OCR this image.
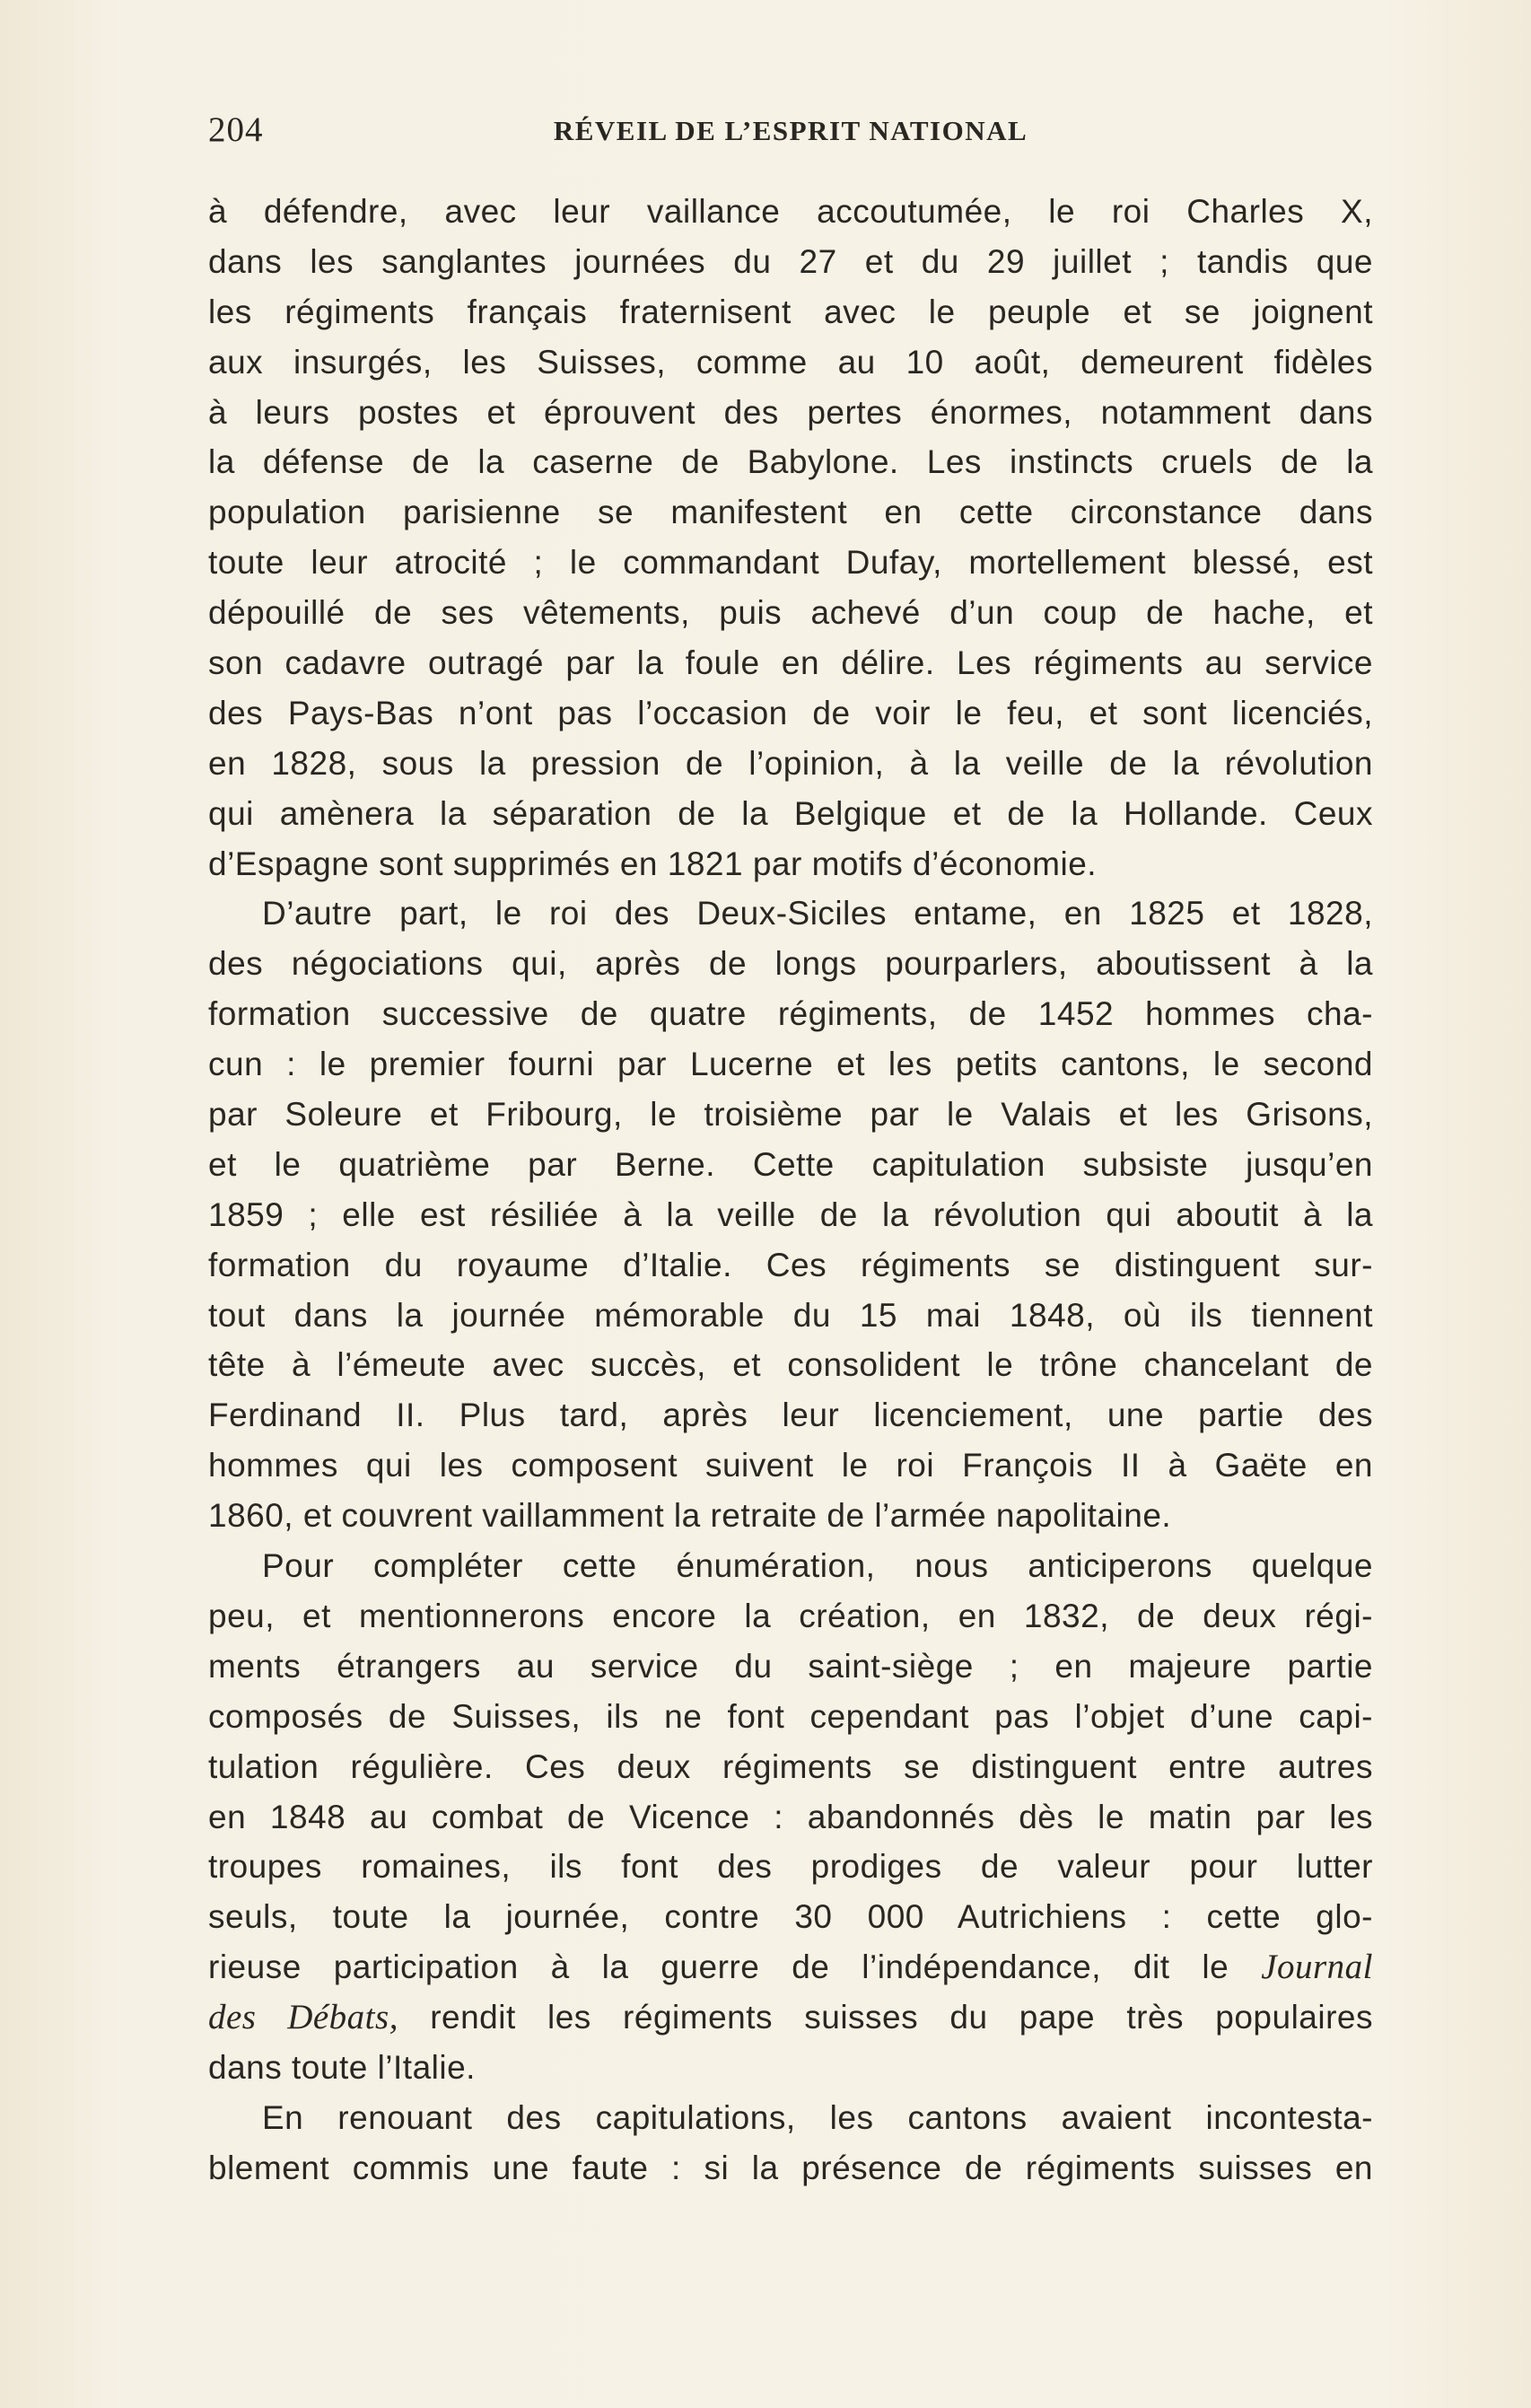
204	RÉVEIL DE L’ESPRIT NATIONAL
à défendre, avec leur vaillance accoutumée, le roi Charles X,
dans les sanglantes journées du 27 et du 29 juillet ; tandis que
les régiments français fraternisent avec le peuple et se joignent
aux insurgés, les Suisses, comme au 10 août, demeurent fidèles
à leurs postes et éprouvent des pertes énormes, notamment dans
la défense de la caserne de Babylone. Les instincts cruels de la
population parisienne se manifestent en cette circonstance dans
toute leur atrocité ; le commandant Dufay, mortellement blessé, est
dépouillé de ses vêtements, puis achevé d’un coup de hache, et
son cadavre outragé par la foule en délire. Les régiments au service
des Pays-Bas n’ont pas l’occasion de voir le feu, et sont licenciés,
en 1828, sous la pression de l’opinion, à la veille de la révolution
qui amènera la séparation de la Belgique et de la Hollande. Ceux
d’Espagne sont supprimés en 1821 par motifs d’économie.
D’autre part, le roi des Deux-Siciles entame, en 1825 et 1828,
des négociations qui, après de longs pourparlers, aboutissent à la
formation successive de quatre régiments, de 1452 hommes cha-
cun : le premier fourni par Lucerne et les petits cantons, le second
par Soleure et Fribourg, le troisième par le Valais et les Grisons,
et le quatrième par Berne. Cette capitulation subsiste jusqu’en
1859 ; elle est résiliée à la veille de la révolution qui aboutit à la
formation du royaume d’Italie. Ces régiments se distinguent sur-
tout dans la journée mémorable du 15 mai 1848, où ils tiennent
tête à l’émeute avec succès, et consolident le trône chancelant de
Ferdinand II. Plus tard, après leur licenciement, une partie des
hommes qui les composent suivent le roi François II à Gaëte en
1860, et couvrent vaillamment la retraite de l’armée napolitaine.
Pour compléter cette énumération, nous anticiperons quelque
peu, et mentionnerons encore la création, en 1832, de deux régi-
ments étrangers au service du saint-siège ; en majeure partie
composés de Suisses, ils ne font cependant pas l’objet d’une capi-
tulation régulière. Ces deux régiments se distinguent entre autres
en 1848 au combat de Vicence : abandonnés dès le matin par les
troupes romaines, ils font des prodiges de valeur pour lutter
seuls, toute la journée, contre 30 000 Autrichiens : cette glo-
rieuse participation à la guerre de l’indépendance, dit le Journal
des Débats, rendit les régiments suisses du pape très populaires
dans toute l’Italie.
En renouant des capitulations, les cantons avaient incontesta-
blement commis une faute : si la présence de régiments suisses en
